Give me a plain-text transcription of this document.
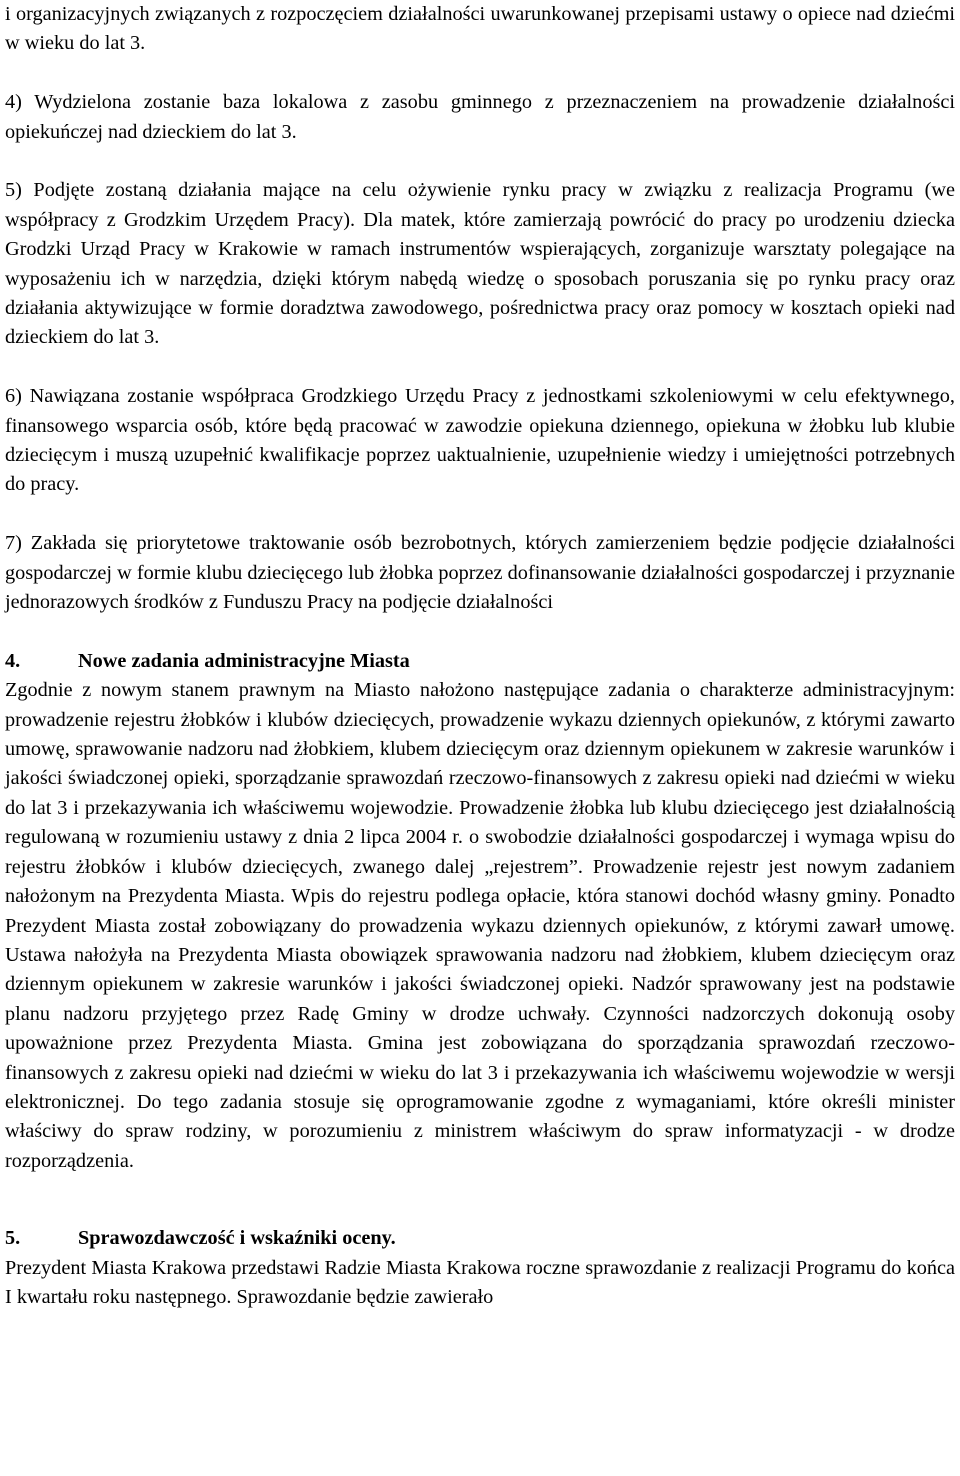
i organizacyjnych związanych z rozpoczęciem działalności uwarunkowanej przepisami ustawy o opiece nad dziećmi w wieku do lat 3.

4) Wydzielona zostanie baza lokalowa z zasobu gminnego z przeznaczeniem na prowadzenie działalności opiekuńczej nad dzieckiem do lat 3.

5) Podjęte zostaną działania mające na celu ożywienie rynku pracy w związku z realizacja Programu (we współpracy z Grodzkim Urzędem Pracy). Dla matek, które zamierzają powrócić do pracy po urodzeniu dziecka Grodzki Urząd Pracy w Krakowie w ramach instrumentów wspierających, zorganizuje warsztaty polegające na wyposażeniu ich w narzędzia, dzięki którym nabędą wiedzę o sposobach poruszania się po rynku pracy oraz działania aktywizujące w formie doradztwa zawodowego, pośrednictwa pracy oraz pomocy w kosztach opieki nad dzieckiem do lat 3.

6) Nawiązana zostanie współpraca Grodzkiego Urzędu Pracy z jednostkami szkoleniowymi w celu efektywnego, finansowego wsparcia osób, które będą pracować w zawodzie opiekuna dziennego, opiekuna w żłobku lub klubie dziecięcym i muszą uzupełnić kwalifikacje poprzez uaktualnienie, uzupełnienie wiedzy i umiejętności potrzebnych do pracy.

7) Zakłada się priorytetowe traktowanie osób bezrobotnych, których zamierzeniem będzie podjęcie działalności gospodarczej w formie klubu dziecięcego lub żłobka poprzez dofinansowanie działalności gospodarczej i przyznanie jednorazowych środków z Funduszu Pracy na podjęcie działalności

4.	Nowe zadania administracyjne Miasta

Zgodnie z nowym stanem prawnym na Miasto nałożono następujące zadania o charakterze administracyjnym: prowadzenie rejestru żłobków i klubów dziecięcych, prowadzenie wykazu dziennych opiekunów, z którymi zawarto umowę, sprawowanie nadzoru nad żłobkiem, klubem dziecięcym oraz dziennym opiekunem w zakresie warunków i jakości świadczonej opieki, sporządzanie sprawozdań rzeczowo-finansowych z zakresu opieki nad dziećmi w wieku do lat 3 i przekazywania ich właściwemu wojewodzie. Prowadzenie żłobka lub klubu dziecięcego jest działalnością regulowaną w rozumieniu ustawy z dnia 2 lipca 2004 r. o swobodzie działalności gospodarczej i wymaga wpisu do rejestru żłobków i klubów dziecięcych, zwanego dalej „rejestrem”. Prowadzenie rejestr jest nowym zadaniem nałożonym na Prezydenta Miasta. Wpis do rejestru podlega opłacie, która stanowi dochód własny gminy. Ponadto Prezydent Miasta został zobowiązany do prowadzenia wykazu dziennych opiekunów, z którymi zawarł umowę. Ustawa nałożyła na Prezydenta Miasta obowiązek sprawowania nadzoru nad żłobkiem, klubem dziecięcym oraz dziennym opiekunem w zakresie warunków i jakości świadczonej opieki. Nadzór sprawowany jest na podstawie planu nadzoru przyjętego przez Radę Gminy w drodze uchwały. Czynności nadzorczych dokonują osoby upoważnione przez Prezydenta Miasta. Gmina jest zobowiązana do sporządzania sprawozdań rzeczowo-finansowych z zakresu opieki nad dziećmi w wieku do lat 3 i przekazywania ich właściwemu wojewodzie w wersji elektronicznej. Do tego zadania stosuje się oprogramowanie zgodne z wymaganiami, które określi minister właściwy do spraw rodziny, w porozumieniu z ministrem właściwym do spraw informatyzacji - w drodze rozporządzenia.

5.	Sprawozdawczość i wskaźniki oceny.

Prezydent Miasta Krakowa przedstawi Radzie Miasta Krakowa roczne sprawozdanie z realizacji Programu do końca I kwartału roku następnego. Sprawozdanie będzie zawierało
